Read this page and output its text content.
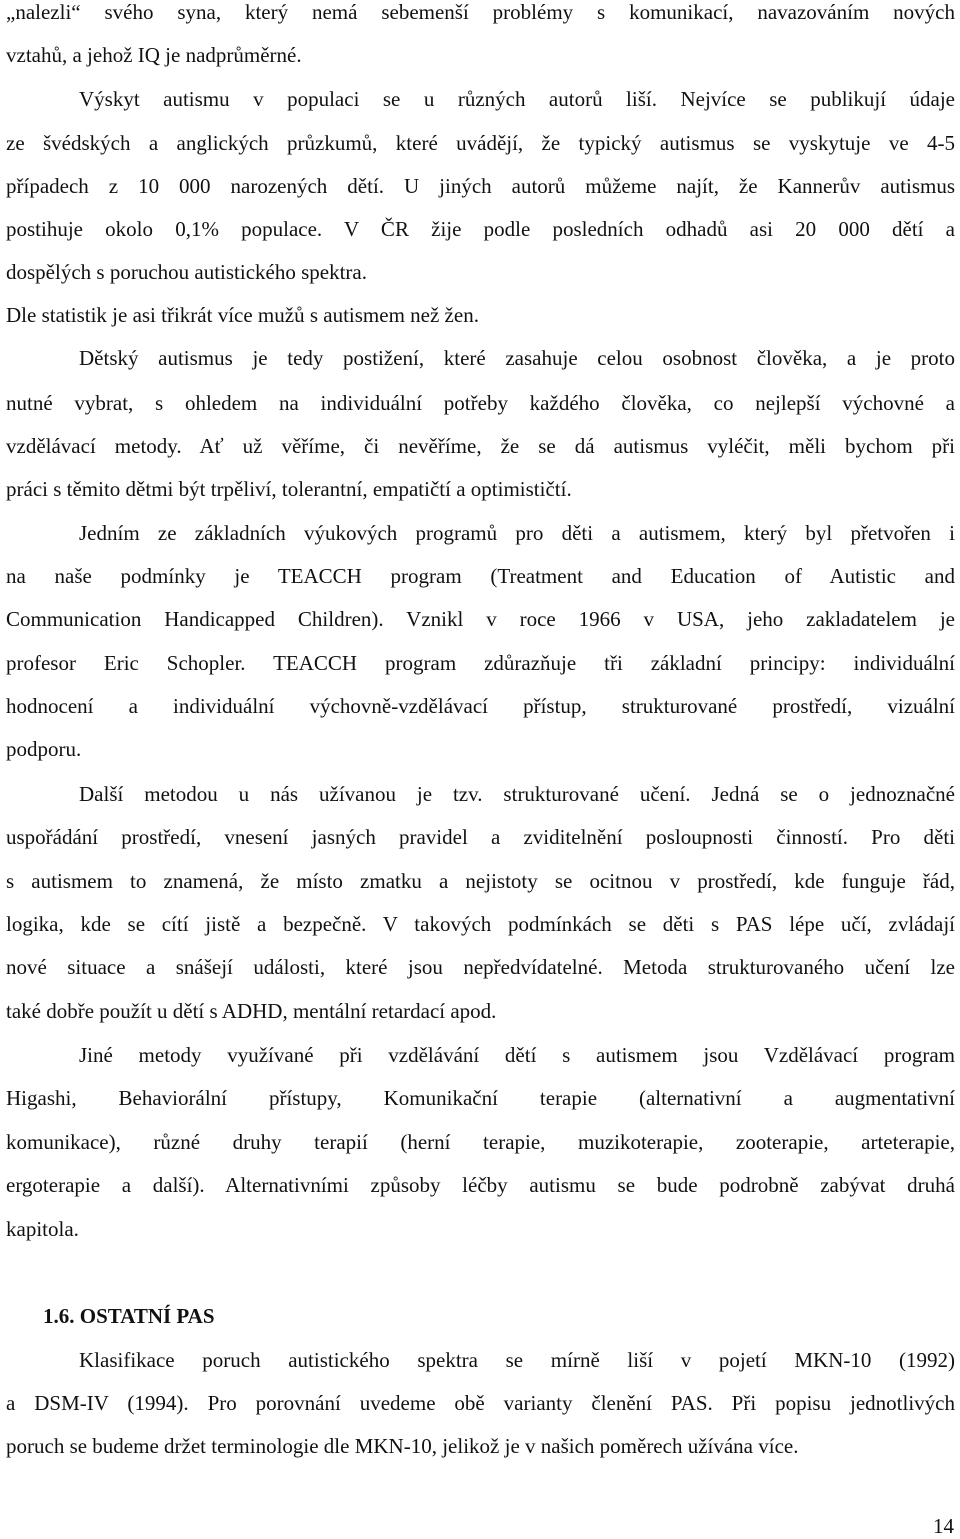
„nalezli“ svého syna, který nemá sebemenší problémy s komunikací, navazováním nových
vztahů, a jehož IQ je nadprůměrné.
Výskyt autismu v populaci se u různých autorů liší. Nejvíce se publikují údaje
ze švédských a anglických průzkumů, které uvádějí, že typický autismus se vyskytuje ve 4-5
případech z 10 000 narozených dětí. U jiných autorů můžeme najít, že Kannerův autismus
postihuje okolo 0,1% populace. V ČR žije podle posledních odhadů asi 20 000 dětí a
dospělých s poruchou autistického spektra.
Dle statistik je asi třikrát více mužů s autismem než žen.
Dětský autismus je tedy postižení, které zasahuje celou osobnost člověka, a je proto
nutné vybrat, s ohledem na individuální potřeby každého člověka, co nejlepší výchovné a
vzdělávací metody. Ať už věříme, či nevěříme, že se dá autismus vyléčit, měli bychom při
práci s těmito dětmi být trpěliví, tolerantní, empatičtí a optimističtí.
Jedním ze základních výukových programů pro děti a autismem, který byl přetvořen i
na naše podmínky je TEACCH program (Treatment and Education of Autistic and
Communication Handicapped Children). Vznikl v roce 1966 v USA, jeho zakladatelem je
profesor Eric Schopler. TEACCH program zdůrazňuje tři základní principy: individuální
hodnocení a individuální výchovně-vzdělávací přístup, strukturované prostředí, vizuální
podporu.
Další metodou u nás užívanou je tzv. strukturované učení. Jedná se o jednoznačné
uspořádání prostředí, vnesení jasných pravidel a zviditelnění posloupnosti činností. Pro děti
s autismem to znamená, že místo zmatku a nejistoty se ocitnou v prostředí, kde funguje řád,
logika, kde se cítí jistě a bezpečně. V takových podmínkách se děti s PAS lépe učí, zvládají
nové situace a snášejí události, které jsou nepředvídatelné. Metoda strukturovaného učení lze
také dobře použít u dětí s ADHD, mentální retardací apod.
Jiné metody využívané při vzdělávání dětí s autismem jsou Vzdělávací program
Higashi, Behaviorální přístupy, Komunikační terapie (alternativní a augmentativní
komunikace), různé druhy terapií (herní terapie, muzikoterapie, zooterapie, arteterapie,
ergoterapie a další). Alternativními způsoby léčby autismu se bude podrobně zabývat druhá
kapitola.
1.6. OSTATNÍ PAS
Klasifikace poruch autistického spektra se mírně liší v pojetí MKN-10 (1992)
a DSM-IV (1994). Pro porovnání uvedeme obě varianty členění PAS. Při popisu jednotlivých
poruch se budeme držet terminologie dle MKN-10, jelikož je v našich poměrech užívána více.
14
